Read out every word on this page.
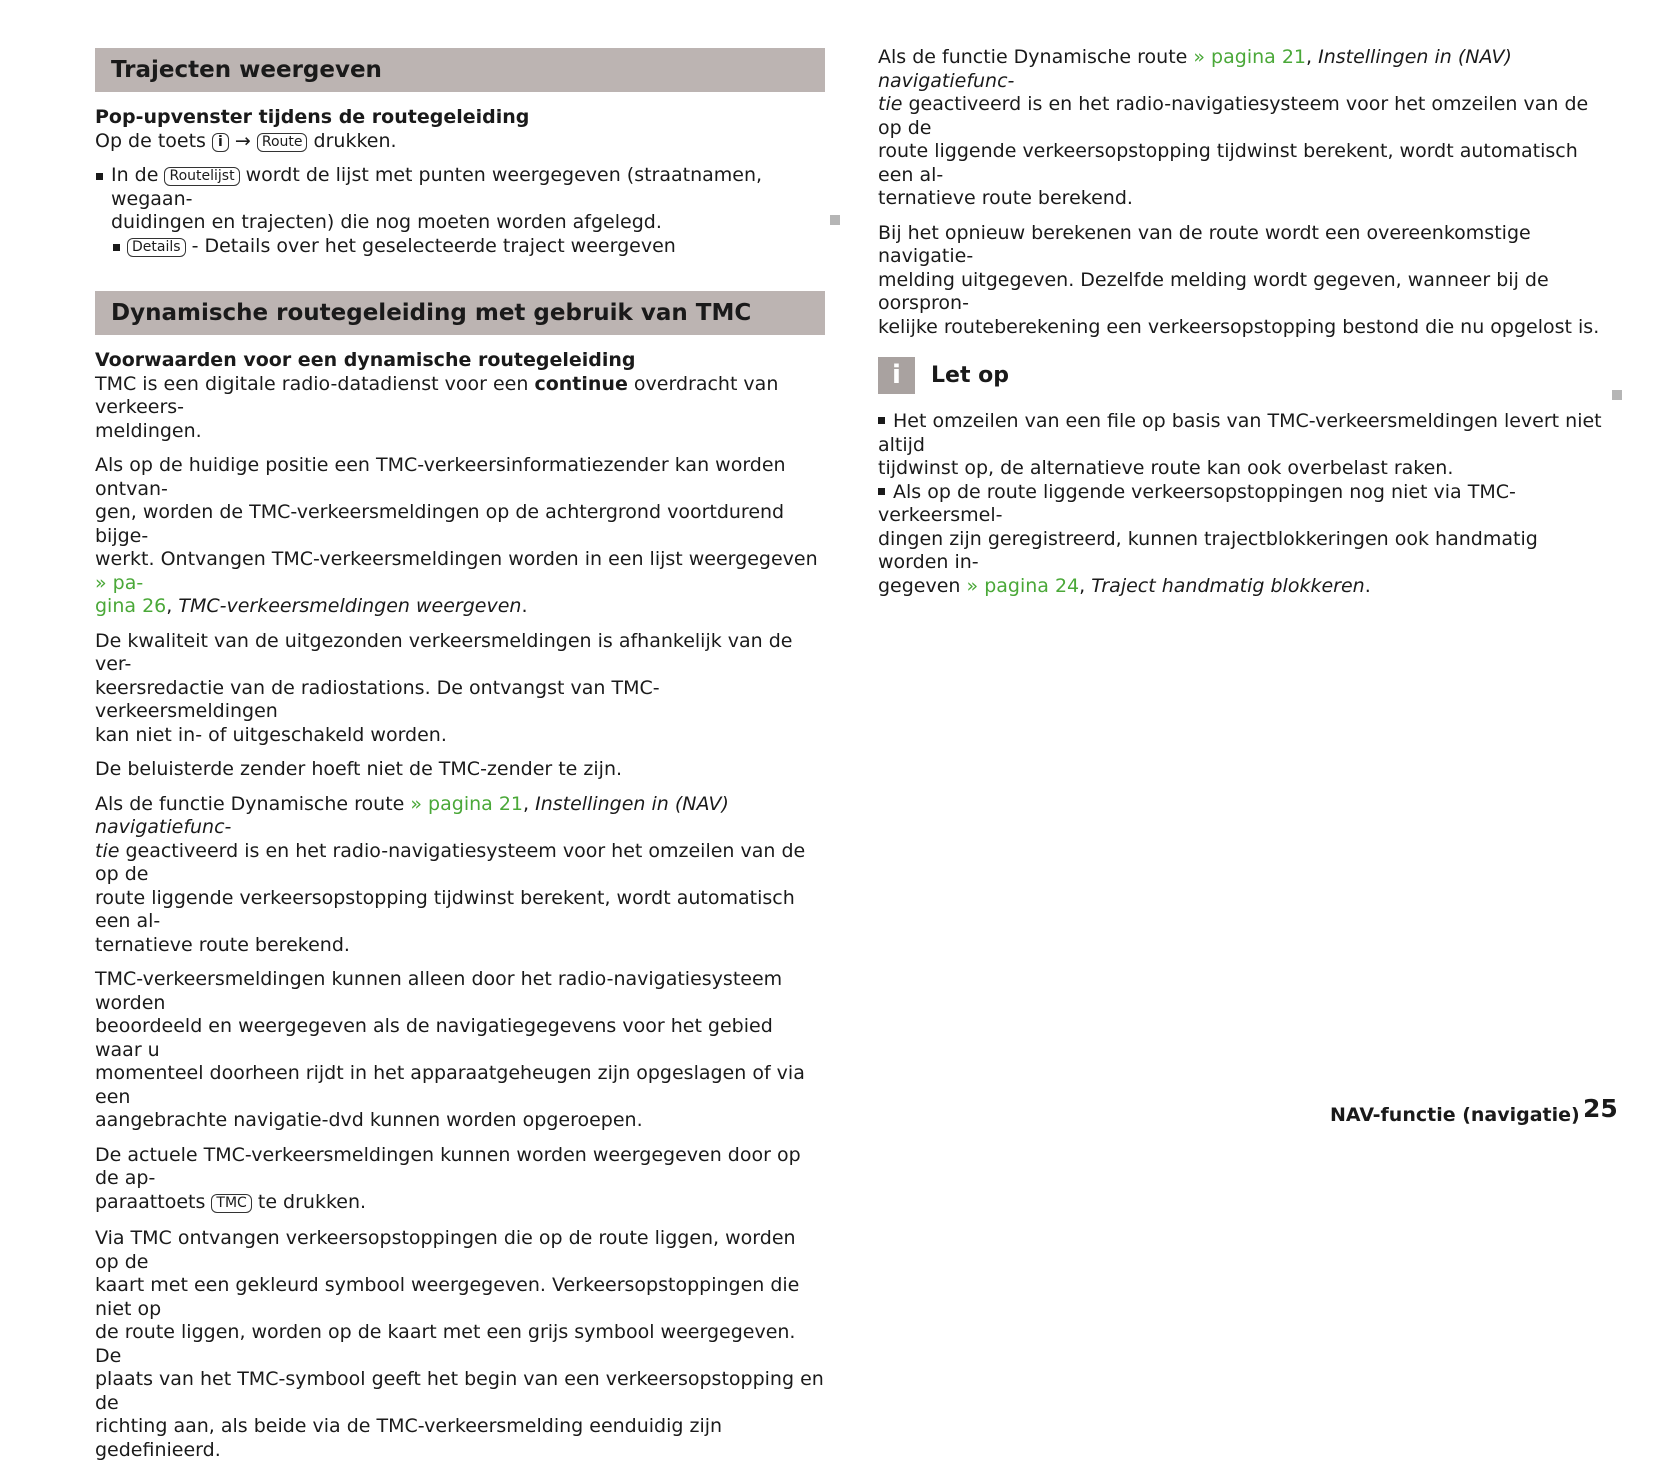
Trajecten weergeven

Pop-upvenster tijdens de routegeleiding

Op de toets i → Route drukken.

In de Routelijst wordt de lijst met punten weergegeven (straatnamen, wegaan-
duidingen en trajecten) die nog moeten worden afgelegd.
Details - Details over het geselecteerde traject weergeven
Dynamische routegeleiding met gebruik van TMC

Voorwaarden voor een dynamische routegeleiding

TMC is een digitale radio-datadienst voor een continue overdracht van verkeers-
meldingen.

Als op de huidige positie een TMC-verkeersinformatiezender kan worden ontvan-
gen, worden de TMC-verkeersmeldingen op de achtergrond voortdurend bijge-
werkt. Ontvangen TMC-verkeersmeldingen worden in een lijst weergegeven » pa-
gina 26, TMC-verkeersmeldingen weergeven.

De kwaliteit van de uitgezonden verkeersmeldingen is afhankelijk van de ver-
keersredactie van de radiostations. De ontvangst van TMC-verkeersmeldingen
kan niet in- of uitgeschakeld worden.

De beluisterde zender hoeft niet de TMC-zender te zijn.

Als de functie Dynamische route » pagina 21, Instellingen in (NAV) navigatiefunc-
tie geactiveerd is en het radio-navigatiesysteem voor het omzeilen van de op de
route liggende verkeersopstopping tijdwinst berekent, wordt automatisch een al-
ternatieve route berekend.

TMC-verkeersmeldingen kunnen alleen door het radio-navigatiesysteem worden
beoordeeld en weergegeven als de navigatiegegevens voor het gebied waar u
momenteel doorheen rijdt in het apparaatgeheugen zijn opgeslagen of via een
aangebrachte navigatie-dvd kunnen worden opgeroepen.

De actuele TMC-verkeersmeldingen kunnen worden weergegeven door op de ap-
paraattoets TMC te drukken.

Via TMC ontvangen verkeersopstoppingen die op de route liggen, worden op de
kaart met een gekleurd symbool weergegeven. Verkeersopstoppingen die niet op
de route liggen, worden op de kaart met een grijs symbool weergegeven. De
plaats van het TMC-symbool geeft het begin van een verkeersopstopping en de
richting aan, als beide via de TMC-verkeersmelding eenduidig zijn gedefinieerd.

Als de functie Dynamische route » pagina 21, Instellingen in (NAV) navigatiefunc-
tie geactiveerd is en het radio-navigatiesysteem voor het omzeilen van de op de
route liggende verkeersopstopping tijdwinst berekent, wordt automatisch een al-
ternatieve route berekend.

Bij het opnieuw berekenen van de route wordt een overeenkomstige navigatie-
melding uitgegeven. Dezelfde melding wordt gegeven, wanneer bij de oorspron-
kelijke routeberekening een verkeersopstopping bestond die nu opgelost is.

i	Let op

Het omzeilen van een file op basis van TMC-verkeersmeldingen levert niet altijd
tijdwinst op, de alternatieve route kan ook overbelast raken.

Als op de route liggende verkeersopstoppingen nog niet via TMC-verkeersmel-
dingen zijn geregistreerd, kunnen trajectblokkeringen ook handmatig worden in-
gegeven » pagina 24, Traject handmatig blokkeren.

NAV-functie (navigatie) 25
